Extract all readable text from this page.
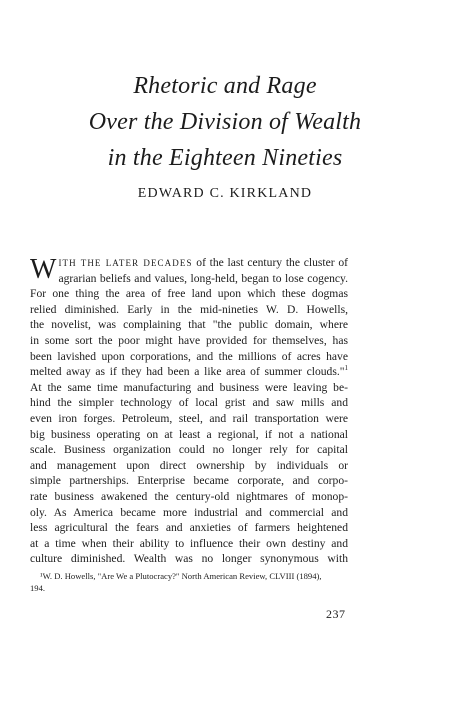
Rhetoric and Rage
Over the Division of Wealth
in the Eighteen Nineties
EDWARD C. KIRKLAND
W ITH THE LATER DECADES of the last century the cluster of
agrarian beliefs and values, long-held, began to lose cogency.
For one thing the area of free land upon which these dogmas
relied diminished. Early in the mid-nineties W. D. Howells,
the novelist, was complaining that "the public domain, where
in some sort the poor might have provided for themselves, has
been lavished upon corporations, and the millions of acres have
melted away as if they had been a like area of summer clouds."$^1$
At the same time manufacturing and business were leaving be-
hind the simpler technology of local grist and saw mills and
even iron forges. Petroleum, steel, and rail transportation were
big business operating on at least a regional, if not a national
scale. Business organization could no longer rely for capital
and management upon direct ownership by individuals or
simple partnerships. Enterprise became corporate, and corpo-
rate business awakened the century-old nightmares of monop-
oly. As America became more industrial and commercial and
less agricultural the fears and anxieties of farmers heightened
at a time when their ability to influence their own destiny and
culture diminished. Wealth was no longer synonymous with
¹W. D. Howells, "Are We a Plutocracy?" North American Review, CLVIII (1894),
194.
237
